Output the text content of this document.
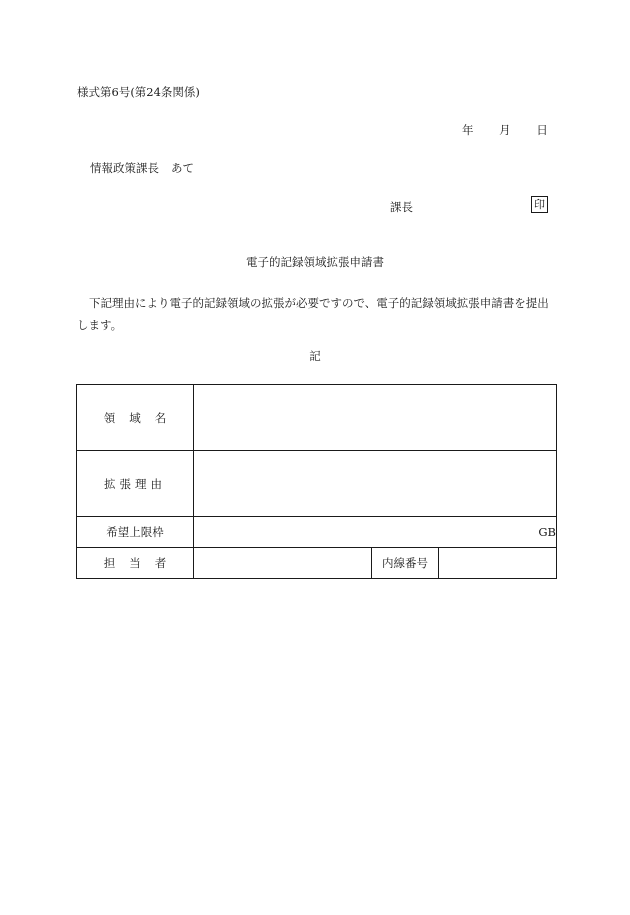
様式第6号(第24条関係)
年 月 日
情報政策課長 あて
課長	印
電子的記録領域拡張申請書
下記理由により電子的記録領域の拡張が必要ですので、電子的記録領域拡張申請書を提出します。
記
領 域 名			
拡張理由			
希望上限枠	GB		
担 当 者		内線番号	
